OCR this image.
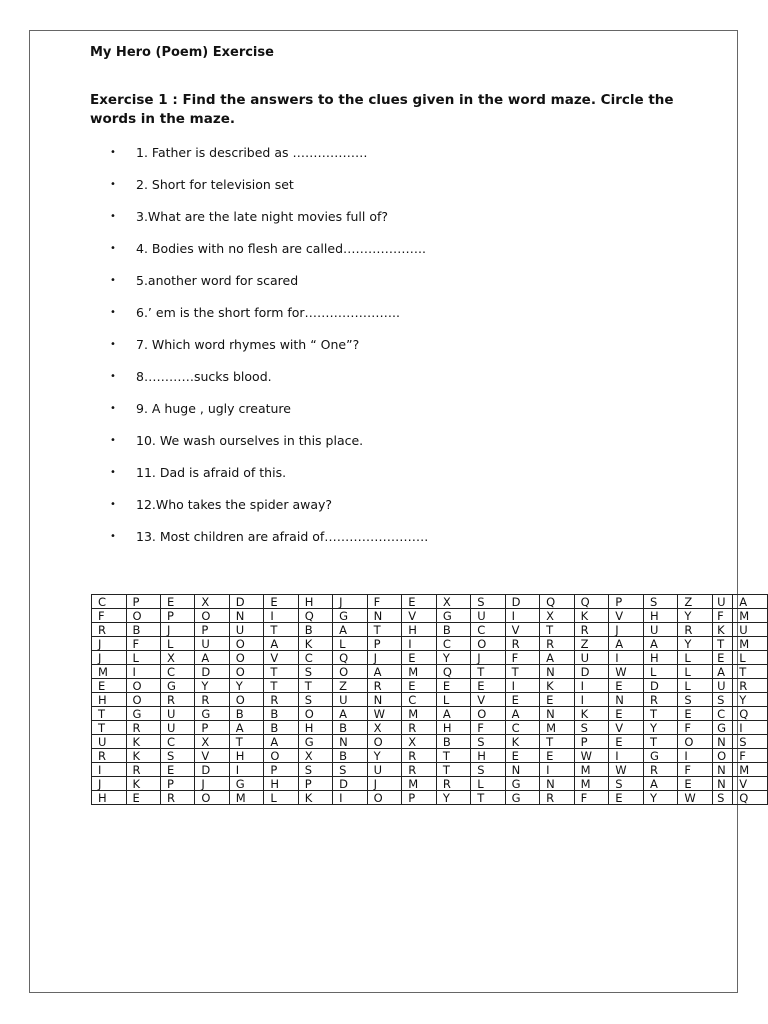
My Hero (Poem) Exercise
Exercise 1 : Find the answers to the clues given in the word maze. Circle the words in the maze.
•	1. Father is described as ………………
•	2. Short for television set
•	3.What are the late night movies full of?
•	4. Bodies with no flesh are called………………..
•	5.another word for scared
•	6.’ em is the short form for…………………..
•	7. Which word rhymes with “ One”?
•	8…………sucks blood.
•	9. A huge , ugly creature
•	10. We wash ourselves in this place.
•	11. Dad is afraid of this.
•	12.Who takes the spider away?
•	13. Most children are afraid of…………………….
C	P	E	X	D	E	H	J	F	E	X	S	D	Q	Q	P	S	Z	U	A
F	O	P	O	N	I	Q	G	N	V	G	U	I	X	K	V	H	Y	F	M
R	B	J	P	U	T	B	A	T	H	B	C	V	T	R	J	U	R	K	U
J	F	L	U	O	A	K	L	P	I	C	O	R	R	Z	A	A	Y	T	M
J	L	X	A	O	V	C	Q	J	E	Y	J	F	A	U	I	H	L	E	L
M	I	C	D	O	T	S	O	A	M	Q	T	T	N	D	W	L	L	A	T
E	O	G	Y	Y	T	T	Z	R	E	E	E	I	K	I	E	D	L	U	R
H	O	R	R	O	R	S	U	N	C	L	V	E	E	I	N	R	S	S	Y
T	G	U	G	B	B	O	A	W	M	A	O	A	N	K	E	T	E	C	Q
T	R	U	P	A	B	H	B	X	R	H	F	C	M	S	V	Y	F	G	I
U	K	C	X	T	A	G	N	O	X	B	S	K	T	P	E	T	O	N	S
R	K	S	V	H	O	X	B	Y	R	T	H	E	E	W	I	G	I	O	F
I	R	E	D	I	P	S	S	U	R	T	S	N	I	M	W	R	F	N	M
J	K	P	J	G	H	P	D	J	M	R	L	G	N	M	S	A	E	N	V
H	E	R	O	M	L	K	I	O	P	Y	T	G	R	F	E	Y	W	S	Q
